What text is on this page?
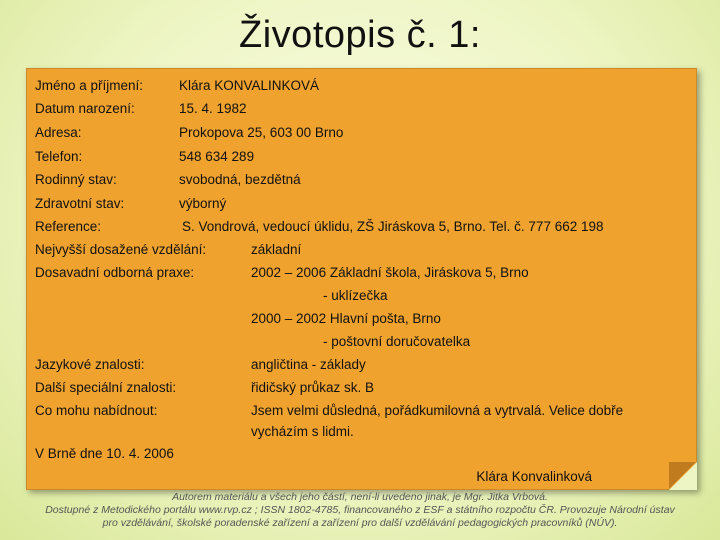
Životopis č. 1:
Jméno a příjmení:	Klára KONVALINKOVÁ
Datum narození:	15. 4. 1982
Adresa:	Prokopova 25, 603 00 Brno
Telefon:	548 634 289
Rodinný stav:	svobodná, bezdětná
Zdravotní stav:	výborný
Reference:	S. Vondrová, vedoucí úklidu, ZŠ Jiráskova 5, Brno. Tel. č. 777 662 198
Nejvyšší dosažené vzdělání:	základní
Dosavadní odborná praxe:	2002 – 2006 Základní škola, Jiráskova 5, Brno
- uklízečka
2000 – 2002 Hlavní pošta, Brno
- poštovní doručovatelka
Jazykové znalosti:	angličtina - základy
Další speciální znalosti:	řidičský průkaz sk. B
Co mohu nabídnout:	Jsem velmi důsledná, pořádkumilovná a vytrvalá. Velice dobře vycházím s lidmi.
V Brně dne 10. 4. 2006
Klára Konvalinková
Autorem materiálu a všech jeho částí, není-li uvedeno jinak, je Mgr. Jitka Vrbová.
Dostupné z Metodického portálu www.rvp.cz ; ISSN 1802-4785, financovaného z ESF a státního rozpočtu ČR. Provozuje Národní ústav
pro vzdělávání, školské poradenské zařízení a zařízení pro další vzdělávání pedagogických pracovníků (NÚV).
